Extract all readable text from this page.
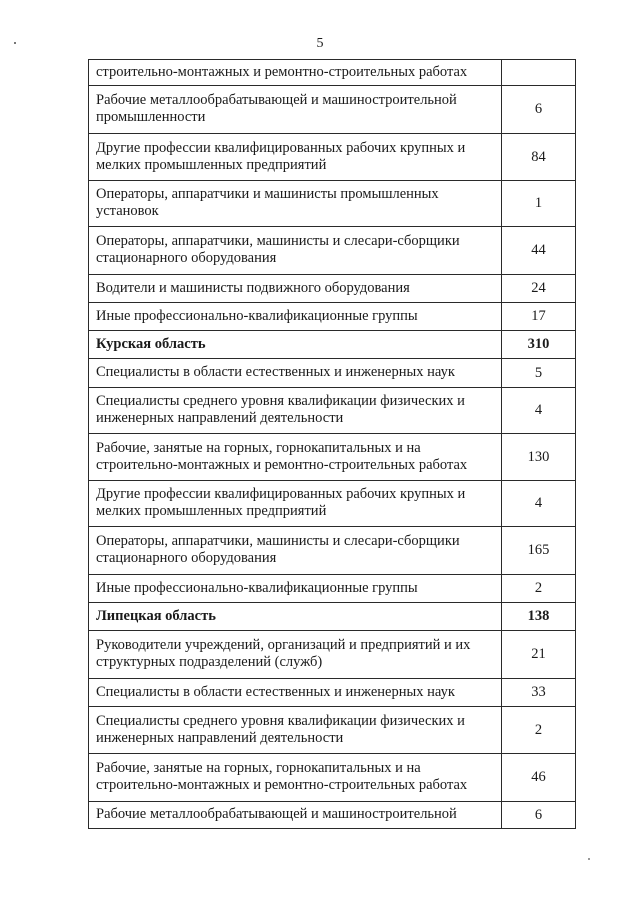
5
строительно-монтажных и ремонтно-строительных работах	
Рабочие металлообрабатывающей и машиностроительной промышленности	6
Другие профессии квалифицированных рабочих крупных и мелких промышленных предприятий	84
Операторы, аппаратчики и машинисты промышленных установок	1
Операторы, аппаратчики, машинисты и слесари-сборщики стационарного оборудования	44
Водители и машинисты подвижного оборудования	24
Иные профессионально-квалификационные группы	17
Курская область	310
Специалисты в области естественных и инженерных наук	5
Специалисты среднего уровня квалификации физических и инженерных направлений деятельности	4
Рабочие, занятые на горных, горнокапитальных и на строительно-монтажных и ремонтно-строительных работах	130
Другие профессии квалифицированных рабочих крупных и мелких промышленных предприятий	4
Операторы, аппаратчики, машинисты и слесари-сборщики стационарного оборудования	165
Иные профессионально-квалификационные группы	2
Липецкая область	138
Руководители учреждений, организаций и предприятий и их структурных подразделений (служб)	21
Специалисты в области естественных и инженерных наук	33
Специалисты среднего уровня квалификации физических и инженерных направлений деятельности	2
Рабочие, занятые на горных, горнокапитальных и на строительно-монтажных и ремонтно-строительных работах	46
Рабочие металлообрабатывающей и машиностроительной	6
